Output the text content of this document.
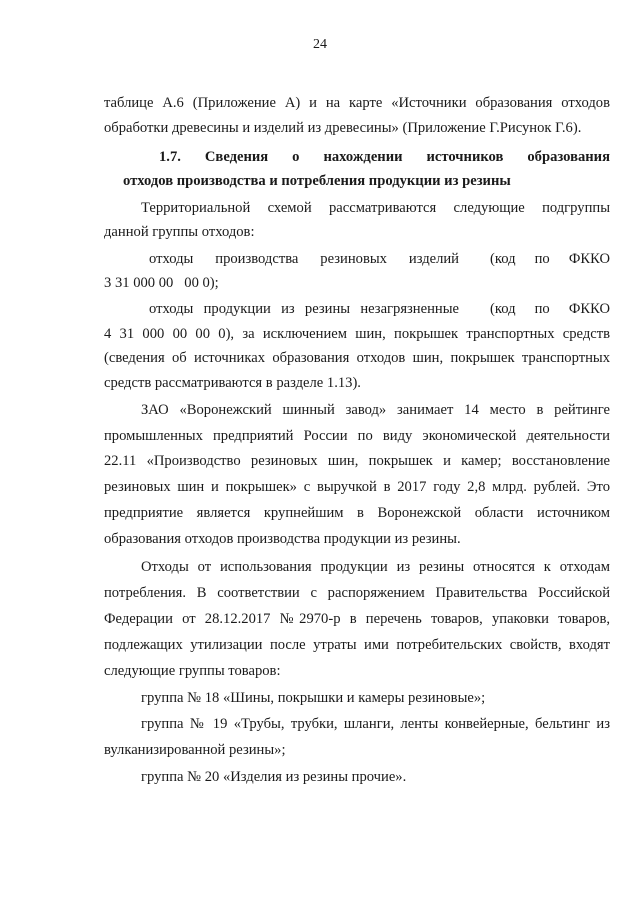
24
таблице А.6 (Приложение А) и на карте «Источники образования отходов
обработки древесины и изделий из древесины» (Приложение Г.Рисунок Г.6).
1.7. Сведения о нахождении источников образования
отходов производства и потребления продукции из резины
Территориальной схемой рассматриваются следующие подгруппы
данной группы отходов:
отходы производства резиновых изделий (код по ФККО
3 31 000 00   00 0);
отходы продукции из резины незагрязненные (код по ФККО
4 31 000 00 00 0), за исключением шин, покрышек транспортных средств
(сведения об источниках образования отходов шин, покрышек транспортных
средств рассматриваются в разделе 1.13).
ЗАО «Воронежский шинный завод» занимает 14 место в рейтинге
промышленных предприятий России по виду экономической деятельности
22.11 «Производство резиновых шин, покрышек и камер; восстановление
резиновых шин и покрышек» с выручкой в 2017 году 2,8 млрд. рублей. Это
предприятие является крупнейшим в Воронежской области источником
образования отходов производства продукции из резины.
Отходы от использования продукции из резины относятся к отходам
потребления. В соответствии с распоряжением Правительства Российской
Федерации от 28.12.2017 №2970-р в перечень товаров, упаковки товаров,
подлежащих утилизации после утраты ими потребительских свойств, входят
следующие группы товаров:
группа № 18 «Шины, покрышки и камеры резиновые»;
группа № 19 «Трубы, трубки, шланги, ленты конвейерные, бельтинг из
вулканизированной резины»;
группа № 20 «Изделия из резины прочие».
